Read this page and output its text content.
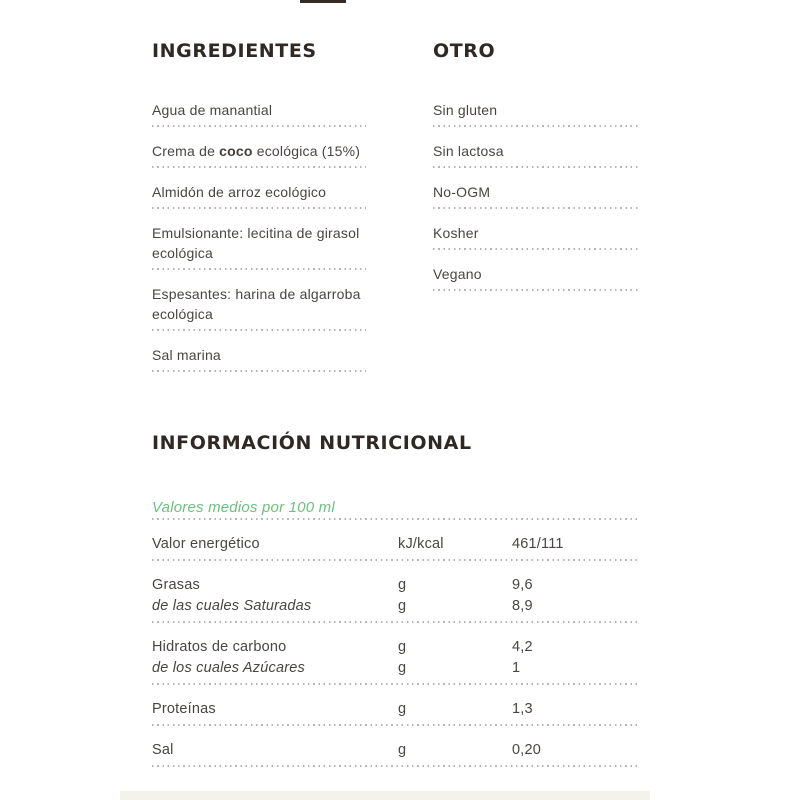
INGREDIENTES

Agua de manantial

Crema de coco ecológica (15%)

Almidón de arroz ecológico

Emulsionante: lecitina de girasol ecológica

Espesantes: harina de algarroba ecológica

Sal marina

OTRO

Sin gluten

Sin lactosa

No-OGM

Kosher

Vegano

INFORMACIÓN NUTRICIONAL

Valores medios por 100 ml

Valor energético	kJ/kcal	461/111
Grasas	g	9,6
de las cuales Saturadas	g	8,9
Hidratos de carbono	g	4,2
de los cuales Azúcares	g	1
Proteínas	g	1,3
Sal	g	0,20
